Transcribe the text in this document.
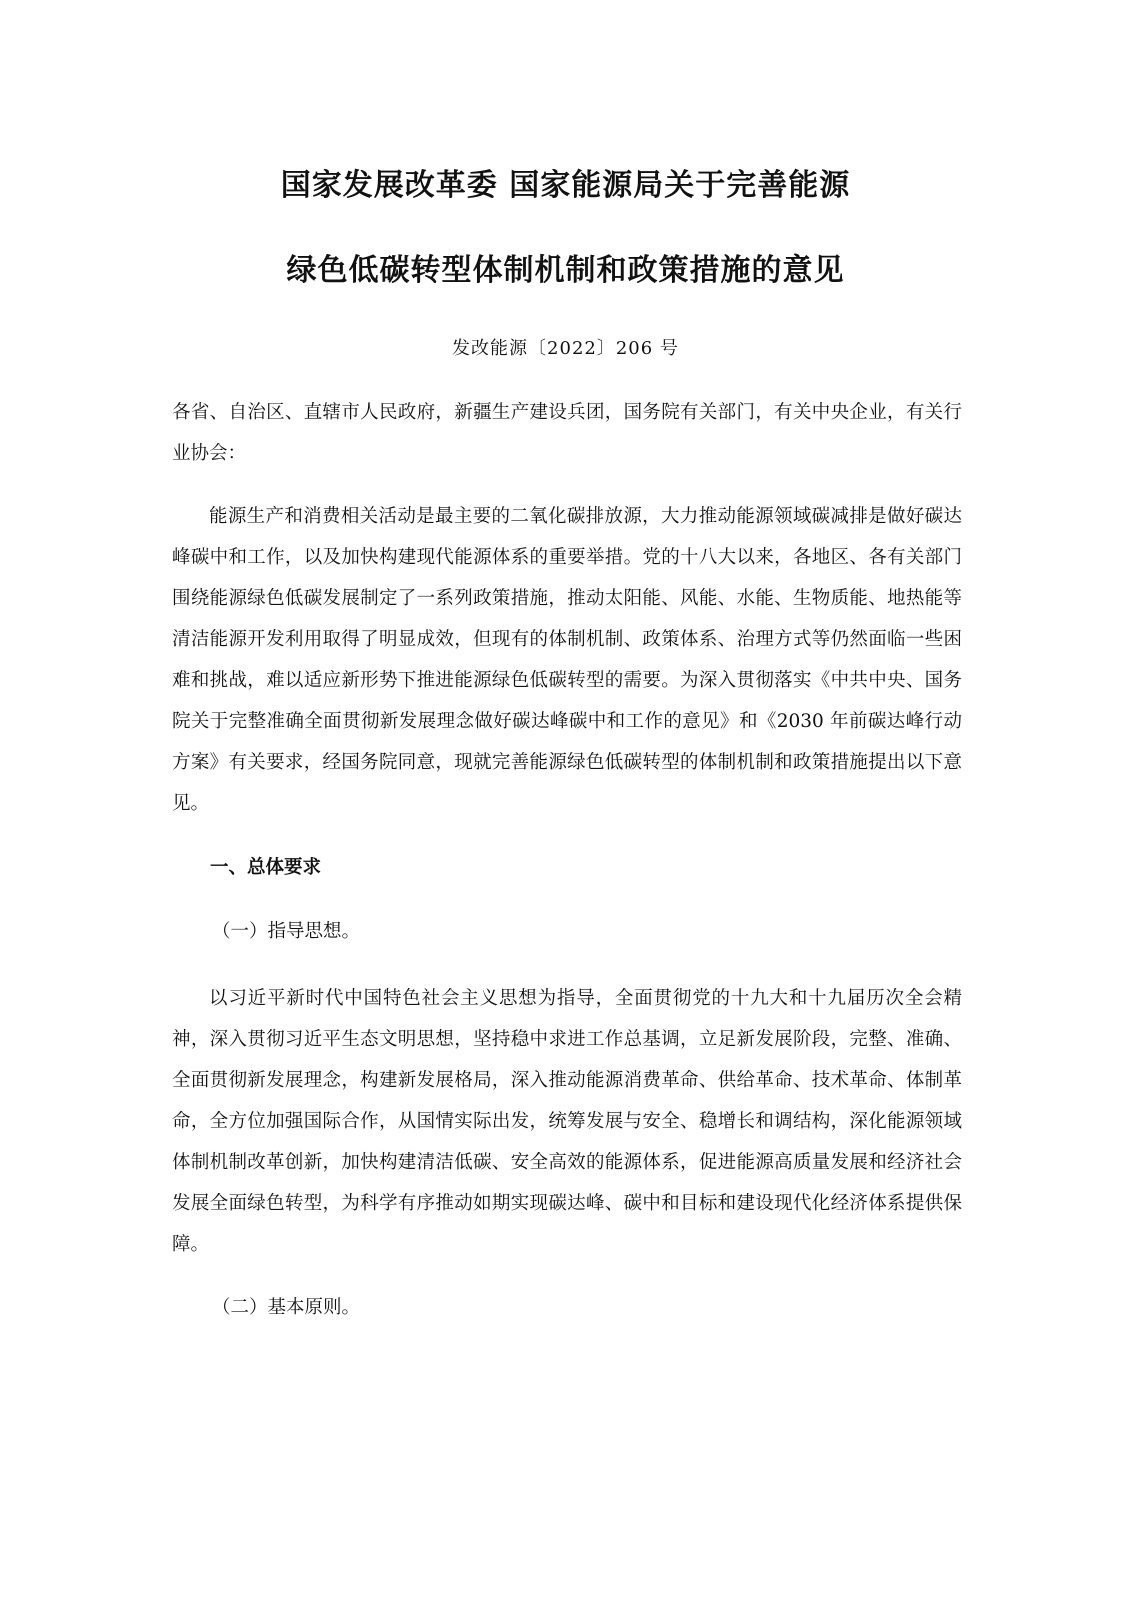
国家发展改革委 国家能源局关于完善能源
绿色低碳转型体制机制和政策措施的意见
发改能源〔2022〕206 号
各省、自治区、直辖市人民政府，新疆生产建设兵团，国务院有关部门，有关中央企业，有关行业协会：
能源生产和消费相关活动是最主要的二氧化碳排放源，大力推动能源领域碳减排是做好碳达峰碳中和工作，以及加快构建现代能源体系的重要举措。党的十八大以来，各地区、各有关部门围绕能源绿色低碳发展制定了一系列政策措施，推动太阳能、风能、水能、生物质能、地热能等清洁能源开发利用取得了明显成效，但现有的体制机制、政策体系、治理方式等仍然面临一些困难和挑战，难以适应新形势下推进能源绿色低碳转型的需要。为深入贯彻落实《中共中央、国务院关于完整准确全面贯彻新发展理念做好碳达峰碳中和工作的意见》和《2030 年前碳达峰行动方案》有关要求，经国务院同意，现就完善能源绿色低碳转型的体制机制和政策措施提出以下意见。
一、总体要求
（一）指导思想。
以习近平新时代中国特色社会主义思想为指导，全面贯彻党的十九大和十九届历次全会精神，深入贯彻习近平生态文明思想，坚持稳中求进工作总基调，立足新发展阶段，完整、准确、全面贯彻新发展理念，构建新发展格局，深入推动能源消费革命、供给革命、技术革命、体制革命，全方位加强国际合作，从国情实际出发，统筹发展与安全、稳增长和调结构，深化能源领域体制机制改革创新，加快构建清洁低碳、安全高效的能源体系，促进能源高质量发展和经济社会发展全面绿色转型，为科学有序推动如期实现碳达峰、碳中和目标和建设现代化经济体系提供保障。
（二）基本原则。
